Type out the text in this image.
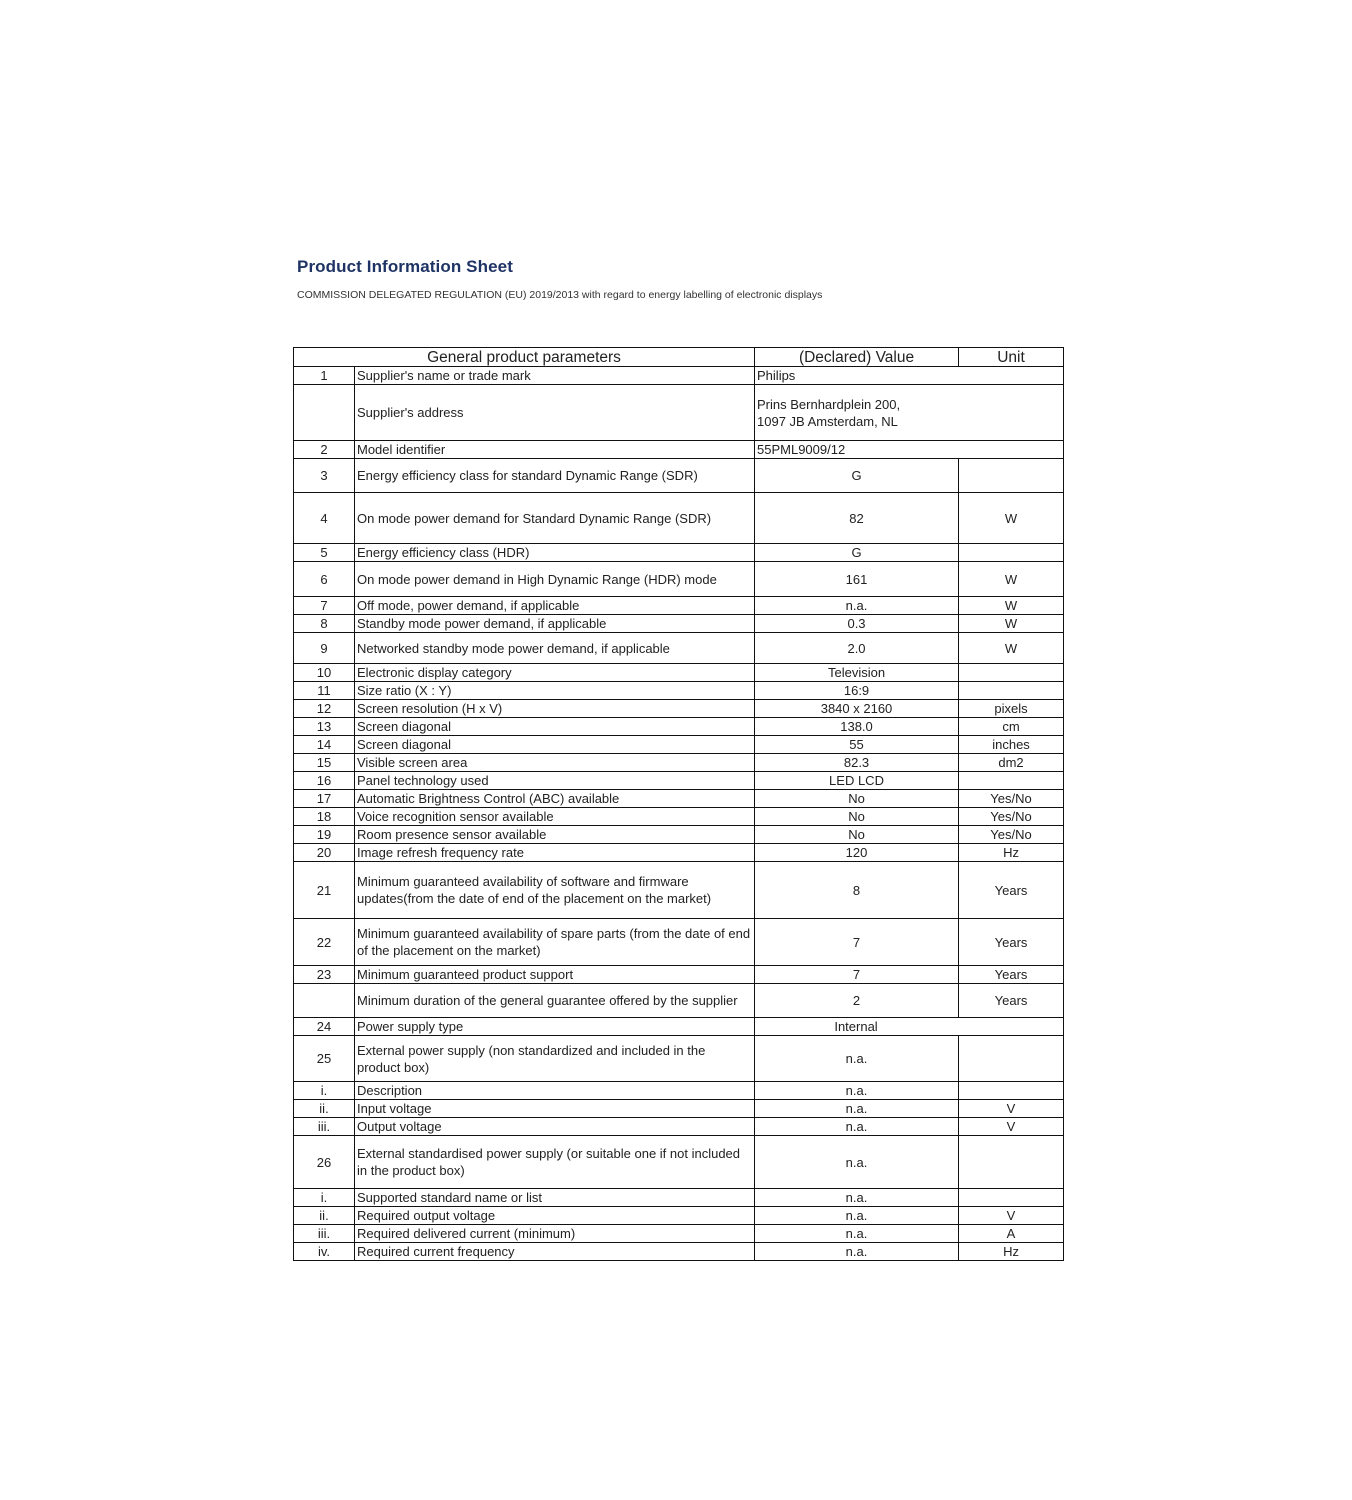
Product Information Sheet
COMMISSION DELEGATED REGULATION (EU) 2019/2013 with regard to energy labelling of electronic displays
General product parameters		(Declared) Value	Unit
1	Supplier's name or trade mark	Philips	
	Supplier's address	Prins Bernhardplein 200,
1097 JB Amsterdam, NL	

2	Model identifier	55PML9009/12	
3	Energy efficiency class for standard Dynamic Range (SDR)	G	
4	On mode power demand for Standard Dynamic Range (SDR)	82	W
5	Energy efficiency class (HDR)	G	
6	On mode power demand in High Dynamic Range (HDR) mode	161	W
7	Off mode, power demand, if applicable	n.a.	W
8	Standby mode power demand, if applicable	0.3	W
9	Networked standby mode power demand, if applicable	2.0	W
10	Electronic display category	Television	
11	Size ratio (X : Y)	16:9	
12	Screen resolution (H x V)	3840 x 2160	pixels
13	Screen diagonal	138.0	cm
14	Screen diagonal	55	inches
15	Visible screen area	82.3	dm2
16	Panel technology used	LED LCD	
17	Automatic Brightness Control (ABC) available	No	Yes/No
18	Voice recognition sensor available	No	Yes/No
19	Room presence sensor available	No	Yes/No
20	Image refresh frequency rate	120	Hz
21	Minimum guaranteed availability of software and firmware updates(from the date of end of the placement on the market)	8	Years
22	Minimum guaranteed availability of spare parts (from the date of end of the placement on the market)	7	Years
23	Minimum guaranteed product support	7	Years
	Minimum duration of the general guarantee offered by the supplier	2	Years
24	Power supply type	Internal	
25	External power supply (non standardized and included in the product box)	n.a.	
i.	Description	n.a.	
ii.	Input voltage	n.a.	V
iii.	Output voltage	n.a.	V
26	External standardised power supply (or suitable one if not included in the product box)	n.a.	
i.	Supported standard name or list	n.a.	
ii.	Required output voltage	n.a.	V
iii.	Required delivered current (minimum)	n.a.	A
iv.	Required current frequency	n.a.	Hz
